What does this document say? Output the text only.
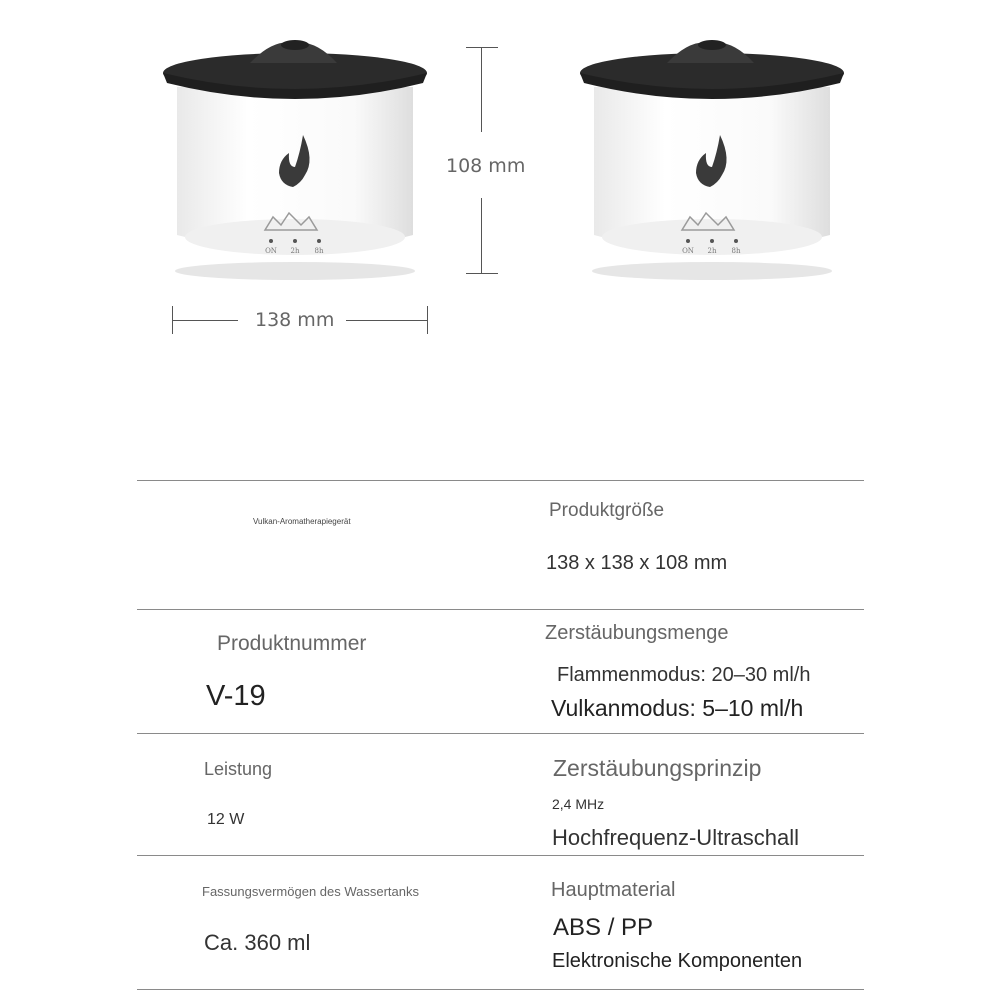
ON 2h 8h	ON 2h 8h
108 mm
138 mm
Vulkan-Aromatherapiegerät
Produktgröße
138 x 138 x 108 mm
Produktnummer
V-19
Zerstäubungsmenge
Flammenmodus: 20–30 ml/h
Vulkanmodus: 5–10 ml/h
Leistung
12 W
Zerstäubungsprinzip
2,4 MHz
Hochfrequenz-Ultraschall
Fassungsvermögen des Wassertanks
Ca. 360 ml
Hauptmaterial
ABS / PP
Elektronische Komponenten
